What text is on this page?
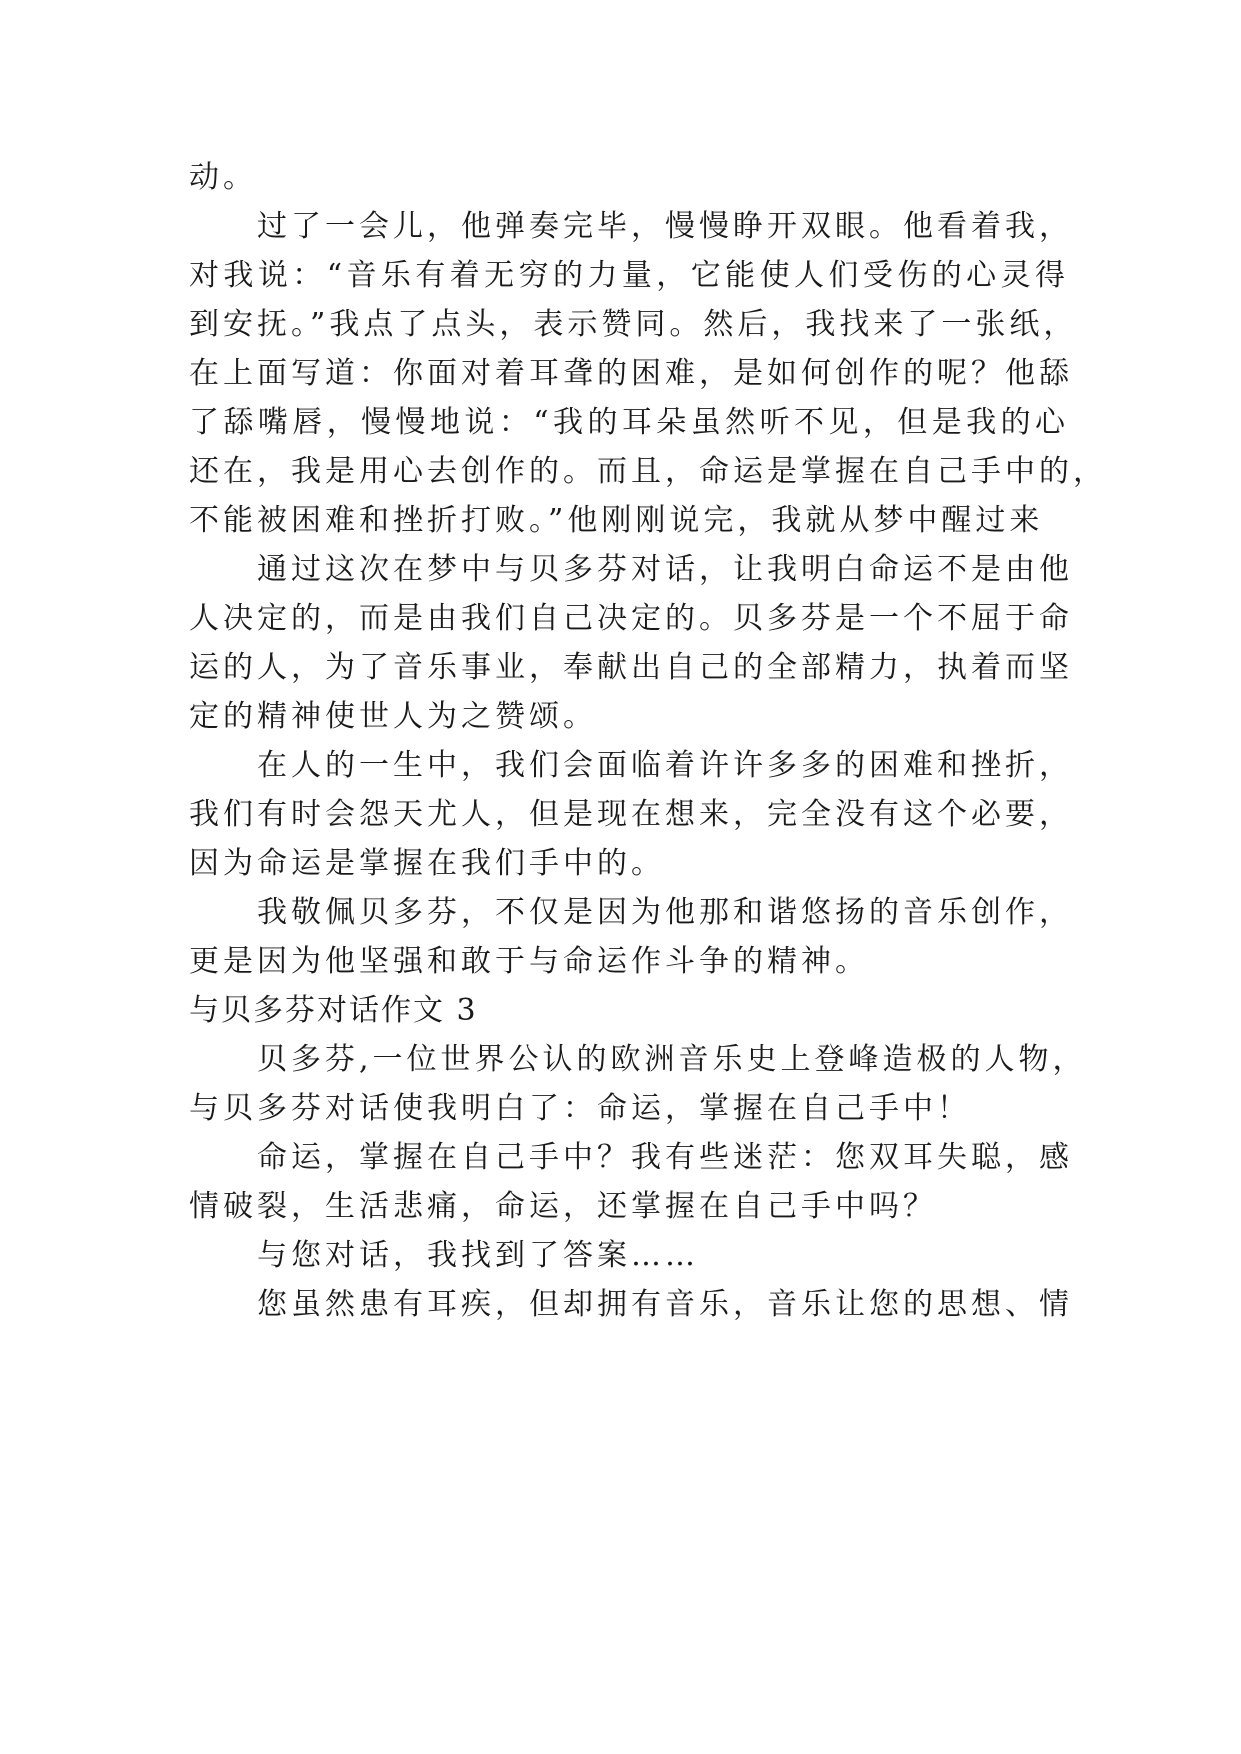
动。
过了一会儿，他弹奏完毕，慢慢睁开双眼。他看着我，
对我说：“音乐有着无穷的力量，它能使人们受伤的心灵得
到安抚。”我点了点头，表示赞同。然后，我找来了一张纸，
在上面写道：你面对着耳聋的困难，是如何创作的呢？他舔
了舔嘴唇，慢慢地说：“我的耳朵虽然听不见，但是我的心
还在，我是用心去创作的。而且，命运是掌握在自己手中的，
不能被困难和挫折打败。”他刚刚说完，我就从梦中醒过来
通过这次在梦中与贝多芬对话，让我明白命运不是由他
人决定的，而是由我们自己决定的。贝多芬是一个不屈于命
运的人，为了音乐事业，奉献出自己的全部精力，执着而坚
定的精神使世人为之赞颂。
在人的一生中，我们会面临着许许多多的困难和挫折，
我们有时会怨天尤人，但是现在想来，完全没有这个必要，
因为命运是掌握在我们手中的。
我敬佩贝多芬，不仅是因为他那和谐悠扬的音乐创作，
更是因为他坚强和敢于与命运作斗争的精神。
与贝多芬对话作文 3
贝多芬,一位世界公认的欧洲音乐史上登峰造极的人物，
与贝多芬对话使我明白了：命运，掌握在自己手中！
命运，掌握在自己手中？我有些迷茫：您双耳失聪，感
情破裂，生活悲痛，命运，还掌握在自己手中吗？
与您对话，我找到了答案……
您虽然患有耳疾，但却拥有音乐，音乐让您的思想、情
